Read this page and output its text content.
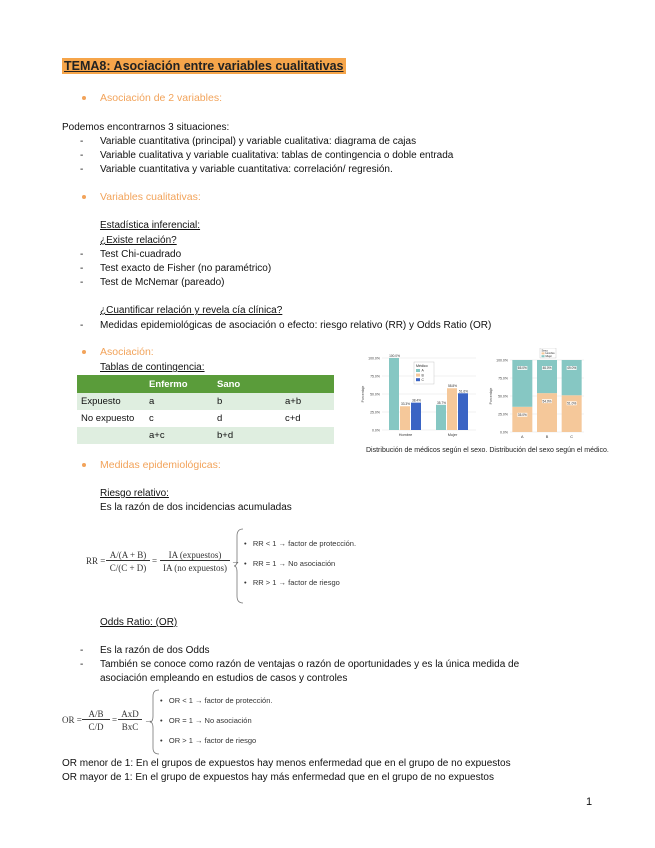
TEMA8: Asociación entre variables cualitativas
Asociación de 2 variables:
Podemos encontrarnos 3 situaciones:
- Variable cuantitativa (principal) y variable cualitativa: diagrama de cajas
- Variable cualitativa y variable cualitativa: tablas de contingencia o doble entrada
- Variable cuantitativa y variable cuantitativa: correlación/ regresión.
Variables cualitativas:
Estadística inferencial:
¿Existe relación?
- Test Chi-cuadrado
- Test exacto de Fisher (no paramétrico)
- Test de McNemar (pareado)
¿Cuantificar relación y revela cía clínica?
- Medidas epidemiológicas de asociación o efecto: riesgo relativo (RR) y Odds Ratio (OR)
Asociación:
Tablas de contingencia:
	Enfermo	Sano	
Expuesto	a	b	a+b
No expuesto	c	d	c+d
	a+c	b+d		0.0%
25.0%
50.0%
75.0%
100.0%
Porcentaje
100.0%
33.3%
38.4%
Hombre
35.7%
58.8%
51.6%
Mujer
Médico
A
B
C
0.0%
25.0%
50.0%
75.0%
100.0%
Porcentaje
65.0%
35.0%
A
46.0%
54.0%
B
49.0%
51.0%
C
Sexo
Hombre
Mujer
Distribución de médicos según el sexo. Distribución del sexo según el médico.
Medidas epidemiológicas:
Riesgo relativo:
Es la razón de dos incidencias acumuladas
RR =
A/(A + B)
C/(C + D)
=
IA (expuestos)
IA (no expuestos)
→
•   RR < 1 → factor de protección.
•   RR = 1 → No asociación
•   RR > 1 → factor de riesgo
Odds Ratio: (OR)
- Es la razón de dos Odds
- También se conoce como razón de ventajas o razón de oportunidades y es la única medida de
asociación empleando en estudios de casos y controles
OR =
A/B
C/D
=
AxD
BxC
→
•   OR < 1 → factor de protección.
•   OR = 1 → No asociación
•   OR > 1 → factor de riesgo
OR menor de 1: En el grupos de expuestos hay menos enfermedad que en el grupo de no expuestos
OR mayor de 1: En el grupo de expuestos hay más enfermedad que en el grupo de no expuestos
1
